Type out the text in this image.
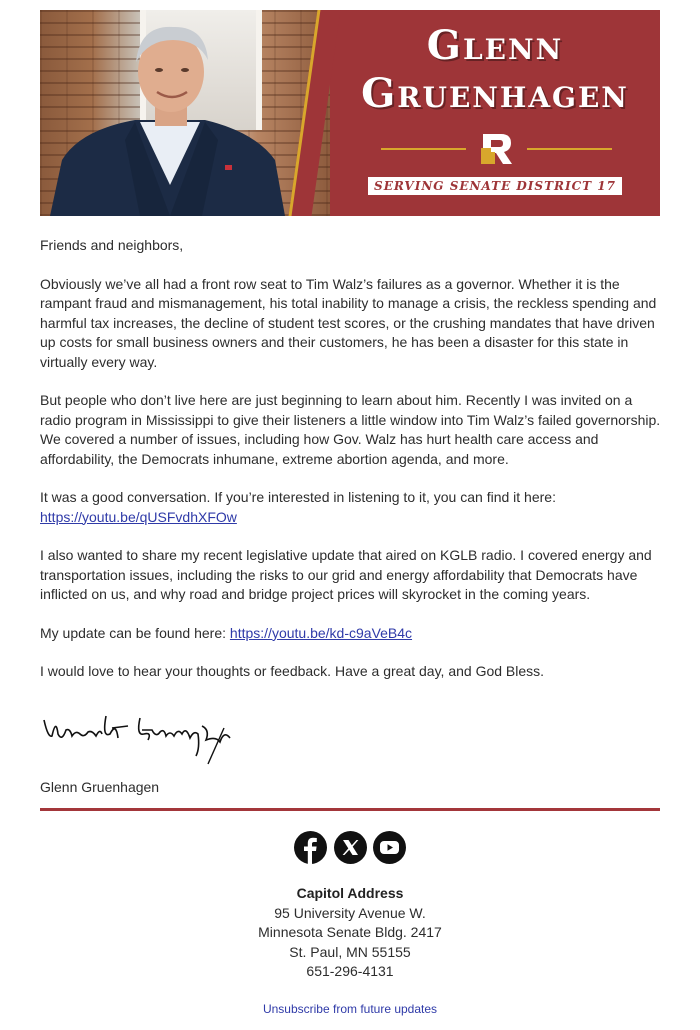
Glenn
Gruenhagen
SERVING SENATE DISTRICT 17

Friends and neighbors,

Obviously we’ve all had a front row seat to Tim Walz’s failures as a governor. Whether it is the rampant fraud and mismanagement, his total inability to manage a crisis, the reckless spending and harmful tax increases, the decline of student test scores, or the crushing mandates that have driven up costs for small business owners and their customers, he has been a disaster for this state in virtually every way.

But people who don’t live here are just beginning to learn about him. Recently I was invited on a radio program in Mississippi to give their listeners a little window into Tim Walz’s failed governorship. We covered a number of issues, including how Gov. Walz has hurt health care access and affordability, the Democrats inhumane, extreme abortion agenda, and more.

It was a good conversation. If you’re interested in listening to it, you can find it here:
https://youtu.be/qUSFvdhXFOw

I also wanted to share my recent legislative update that aired on KGLB radio. I covered energy and transportation issues, including the risks to our grid and energy affordability that Democrats have inflicted on us, and why road and bridge project prices will skyrocket in the coming years.

My update can be found here: https://youtu.be/kd-c9aVeB4c

I would love to hear your thoughts or feedback. Have a great day, and God Bless.

Glenn Gruenhagen

Capitol Address
95 University Avenue W.
Minnesota Senate Bldg. 2417
St. Paul, MN 55155
651-296-4131
Unsubscribe from future updates
